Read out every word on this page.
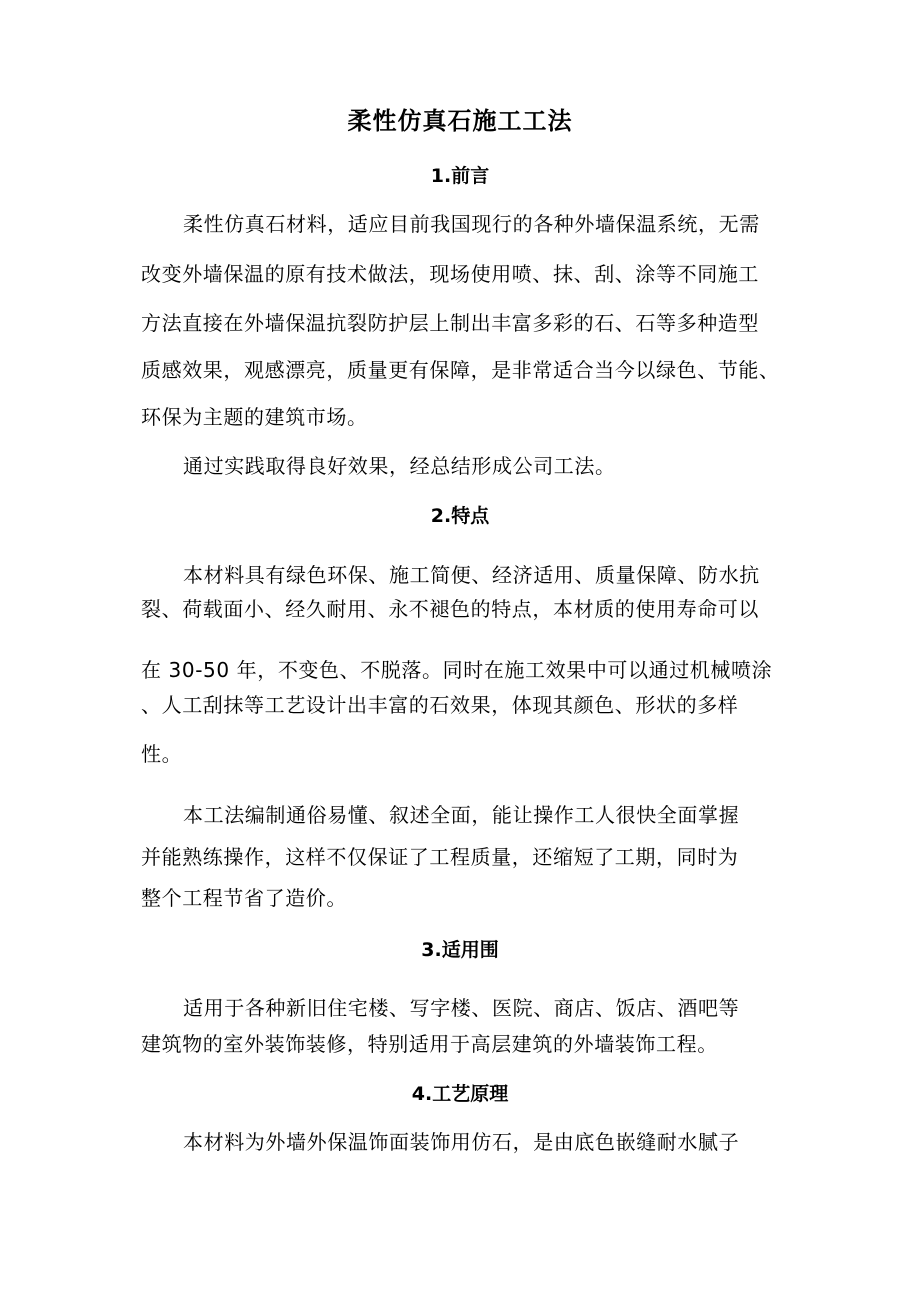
柔性仿真石施工工法
1.前言
柔性仿真石材料，适应目前我国现行的各种外墙保温系统，无需
改变外墙保温的原有技术做法，现场使用喷、抹、刮、涂等不同施工
方法直接在外墙保温抗裂防护层上制出丰富多彩的石、石等多种造型
质感效果，观感漂亮，质量更有保障，是非常适合当今以绿色、节能、
环保为主题的建筑市场。
通过实践取得良好效果，经总结形成公司工法。
2.特点
本材料具有绿色环保、施工简便、经济适用、质量保障、防水抗
裂、荷载面小、经久耐用、永不褪色的特点，本材质的使用寿命可以
在 30-50 年，不变色、不脱落。同时在施工效果中可以通过机械喷涂
、人工刮抹等工艺设计出丰富的石效果，体现其颜色、形状的多样
性。
本工法编制通俗易懂、叙述全面，能让操作工人很快全面掌握
并能熟练操作，这样不仅保证了工程质量，还缩短了工期，同时为
整个工程节省了造价。
3.适用围
适用于各种新旧住宅楼、写字楼、医院、商店、饭店、酒吧等
建筑物的室外装饰装修，特别适用于高层建筑的外墙装饰工程。
4.工艺原理
本材料为外墙外保温饰面装饰用仿石，是由底色嵌缝耐水腻子
